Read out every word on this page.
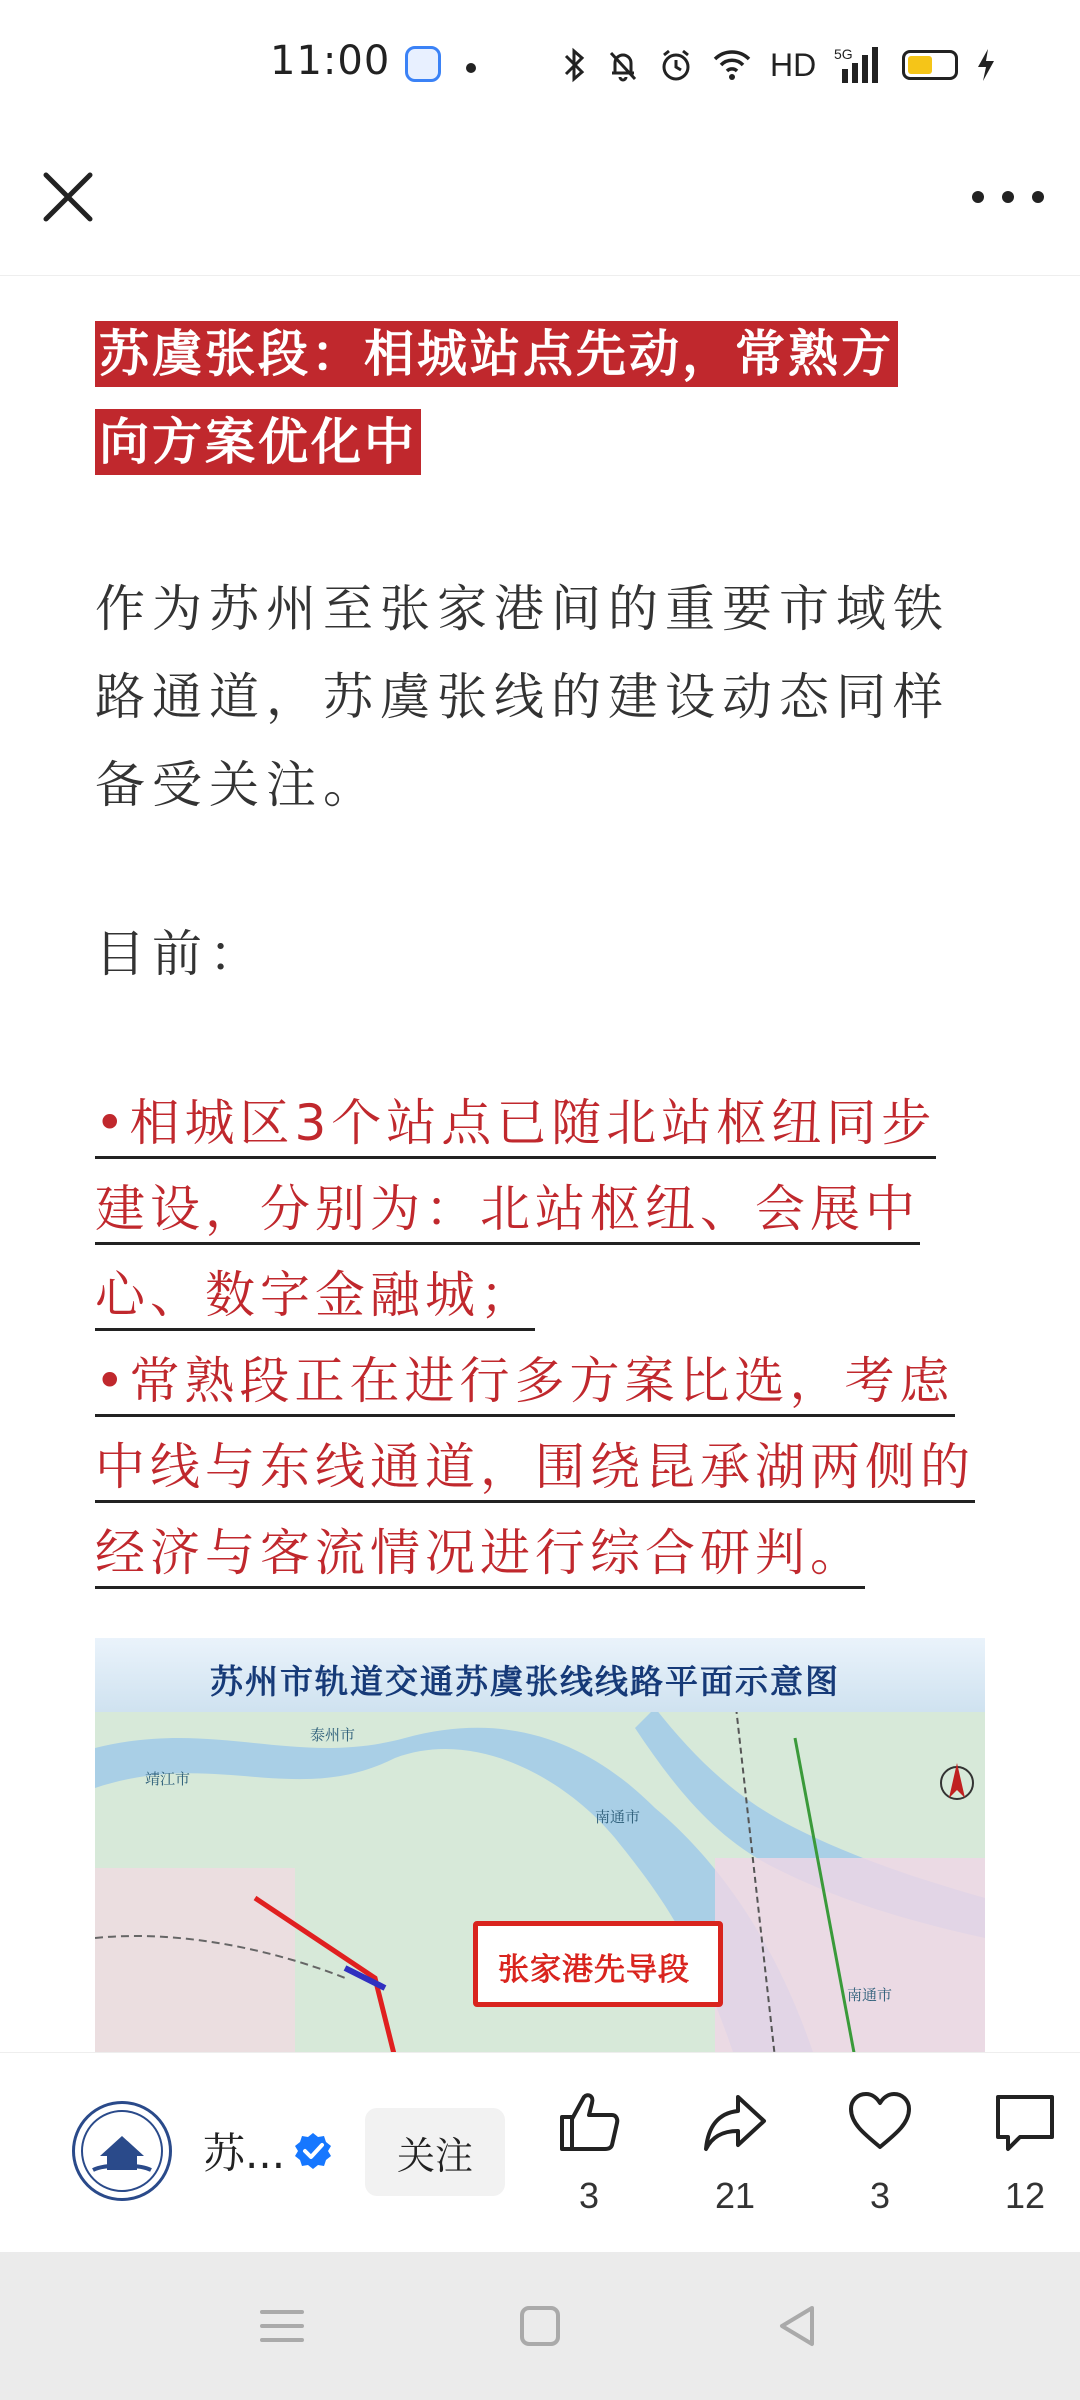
11:00	HD 5G
苏虞张段：相城站点先动，常熟方
向方案优化中

作为苏州至张家港间的重要市域铁路通道，苏虞张线的建设动态同样备受关注。

目前：

•相城区3个站点已随北站枢纽同步建设，分别为：北站枢纽、会展中心、数字金融城；

•常熟段正在进行多方案比选，考虑中线与东线通道，围绕昆承湖两侧的经济与客流情况进行综合研判。

苏州市轨道交通苏虞张线线路平面示意图
泰州市
南通市
靖江市
南通市
张家港先导段
苏...	关注
3	21	3	12
